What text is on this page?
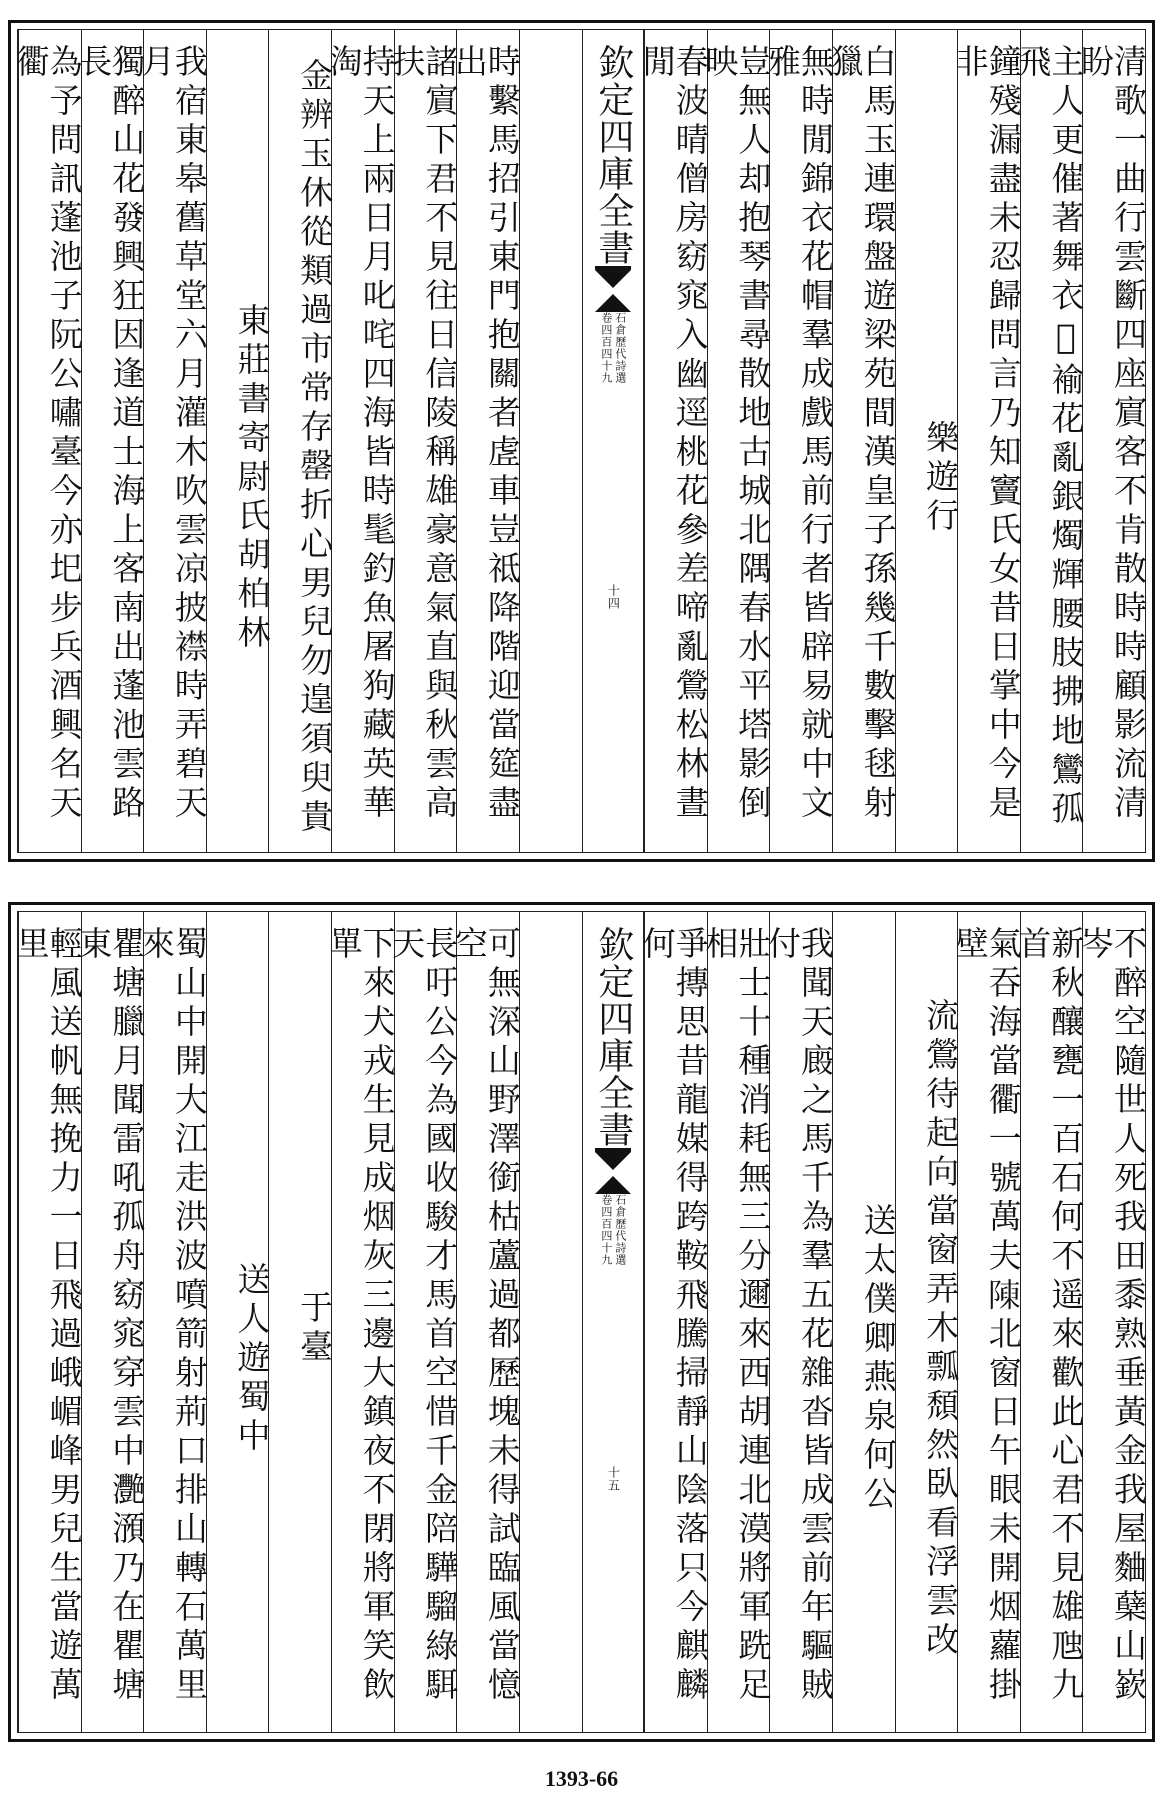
清歌一曲行雲斷四座賔客不肯散時時顧影流清盼
主人更催著舞衣𮣛褕花亂銀燭輝腰肢拂地鸞孤飛
鐘殘漏盡未忍歸問言乃知竇氏女昔日掌中今是非
樂遊行
白馬玉連環盤遊梁苑間漢皇子孫幾千數擊毬射獵
無時閒錦衣花帽羣成戲馬前行者皆辟易就中文雅
豈無人却抱琴書尋散地古城北隅春水平塔影倒映
春波晴僧房窈窕入幽逕桃花參差啼亂鶯松林晝閒
欽定四庫全書
石倉歷代詩選
卷四百四十九
十四
時繫馬招引東門抱關者虗車豈祗降階迎當筵盡出
諸賔下君不見往日信陵稱雄豪意氣直與秋雲高扶
持天上兩日月叱咤四海皆時髦釣魚屠狗藏英華淘
金辨玉休從類過市常存罄折心男兒勿遑須臾貴
東莊書寄尉氏胡柏林
我宿東皋舊草堂六月灌木吹雲凉披襟時弄碧天月
獨醉山花發興狂因逢道士海上客南出蓬池雲路長
為予問訊蓬池子阮公嘯臺今亦圯步兵酒興名天衢
不醉空隨世人死我田黍熟垂黃金我屋麯蘖山嶔岑
新秋釀甕一百石何不遥來歡此心君不見雄虺九首
氣吞海當衢一號萬夫𨻰北窗日午眼未開烟蘿掛壁
流鶯待起向當窗弄木瓢頹然臥看浮雲改
送太僕卿燕泉何公
我聞天廄之馬千為羣五花雜沓皆成雲前年驅賊付
壯士十種消耗無三分邇來西胡連北漠將軍跣足相
爭摶思昔龍媒得跨鞍飛騰掃靜山陰落只今麒麟何
欽定四庫全書
石倉歷代詩選
卷四百四十九
十五
可無深山野澤銜枯蘆過都歷塊未得試臨風當憶空
長吁公今為國收駿才馬首空惜千金陪驊騮綠駬天
下來犬戎生見成烟灰三邊大鎮夜不閉將軍笑飲單
于臺
送人遊蜀中
蜀山中開大江走洪波噴箭射荊口排山轉石萬里來
瞿塘臘月聞雷吼孤舟窈窕穿雲中灧澦乃在瞿塘東
輕風送帆無挽力一日飛過峨嵋峰男兒生當遊萬里
1393-66
